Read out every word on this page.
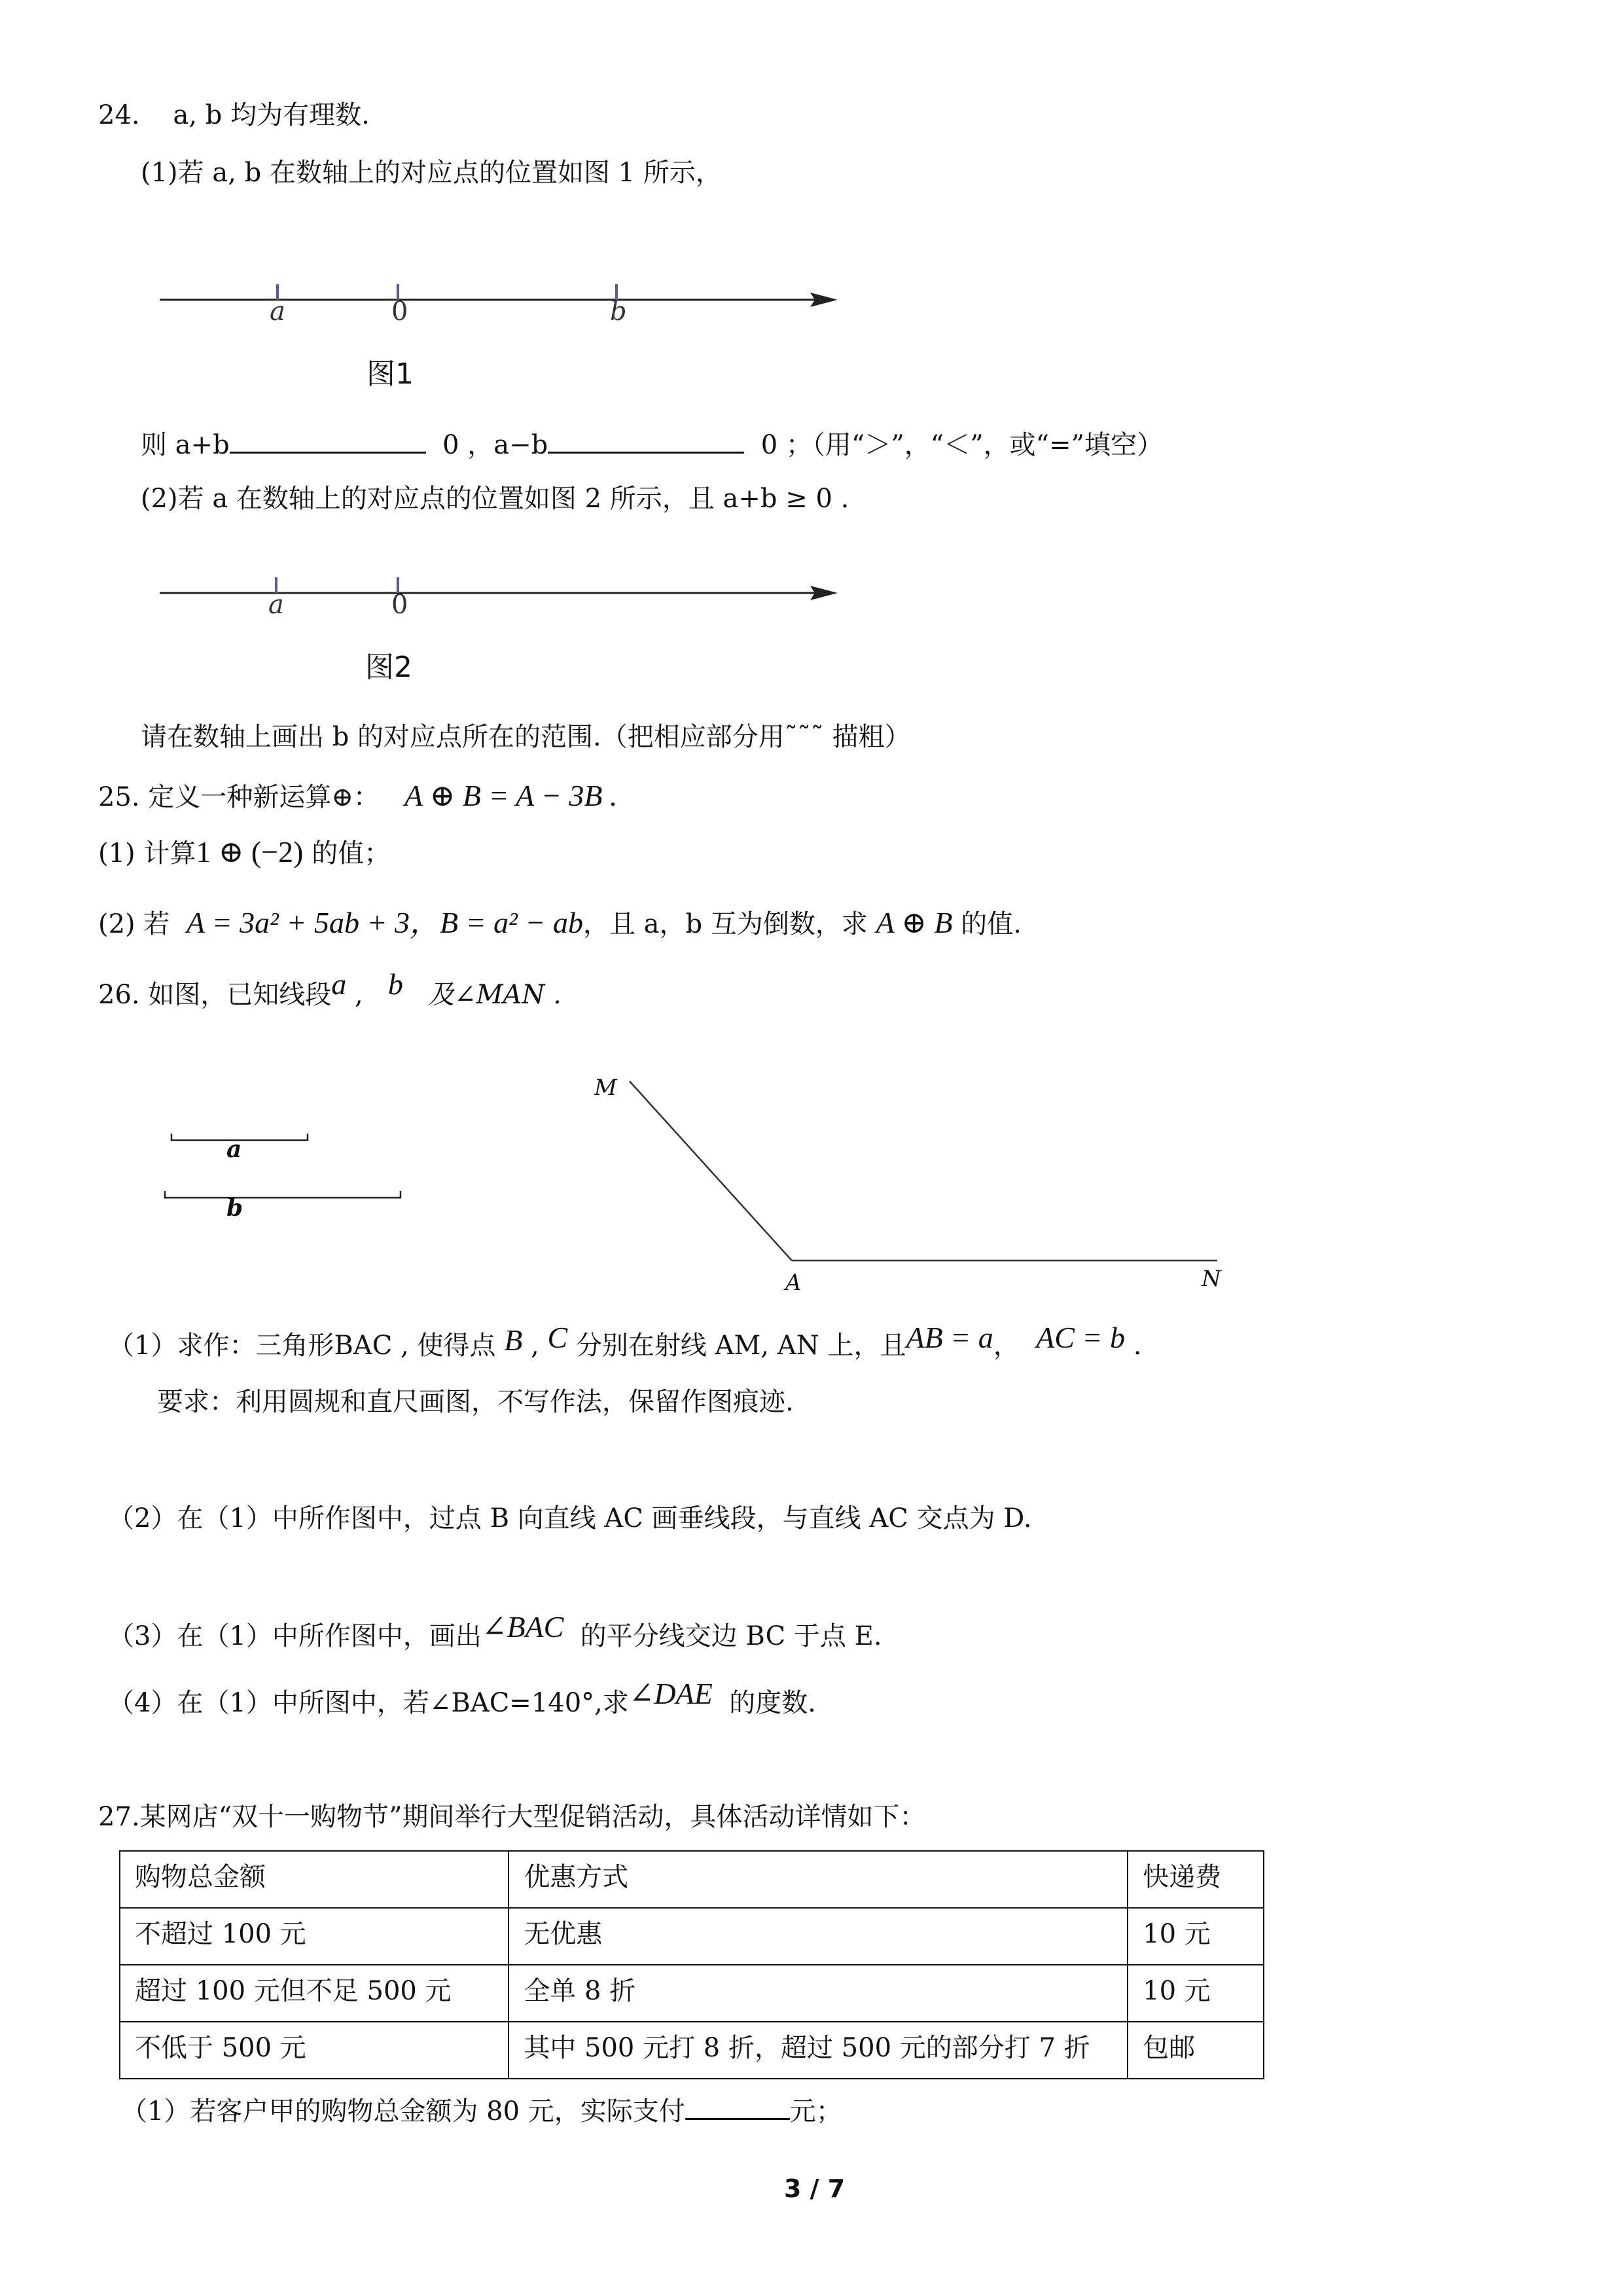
24. a, b 均为有理数.
(1)若 a, b 在数轴上的对应点的位置如图 1 所示，
a	0	b
图1
则 a+b	0 ，a−b	0 ；（用“＞”，“＜”，或“=”填空）
(2)若 a 在数轴上的对应点的位置如图 2 所示，且 a+b ≥ 0 .
a	0
图2
请在数轴上画出 b 的对应点所在的范围.（把相应部分用˜˜˜ 描粗）
25. 定义一种新运算⊕： A ⊕ B = A − 3B .
(1) 计算1 ⊕ (−2) 的值；
(2) 若 A = 3a² + 5ab + 3，B = a² − ab，且 a，b 互为倒数，求 A ⊕ B 的值.
26. 如图，已知线段a ,   b 及∠MAN .
a
b
M
A	N
（1）求作：三角形BAC , 使得点 B , C 分别在射线 AM, AN 上，且AB = a，  AC = b .
要求：利用圆规和直尺画图，不写作法，保留作图痕迹.
（2）在（1）中所作图中，过点 B 向直线 AC 画垂线段，与直线 AC 交点为 D.
（3）在（1）中所作图中，画出∠BAC 的平分线交边 BC 于点 E.
（4）在（1）中所图中，若∠BAC=140°,求∠DAE 的度数.
27.某网店“双十一购物节”期间举行大型促销活动，具体活动详情如下：
购物总金额	优惠方式	快递费
不超过 100 元	无优惠	10 元
超过 100 元但不足 500 元	全单 8 折	10 元
不低于 500 元	其中 500 元打 8 折，超过 500 元的部分打 7 折	包邮
（1）若客户甲的购物总金额为 80 元，实际支付	元；
3 / 7
